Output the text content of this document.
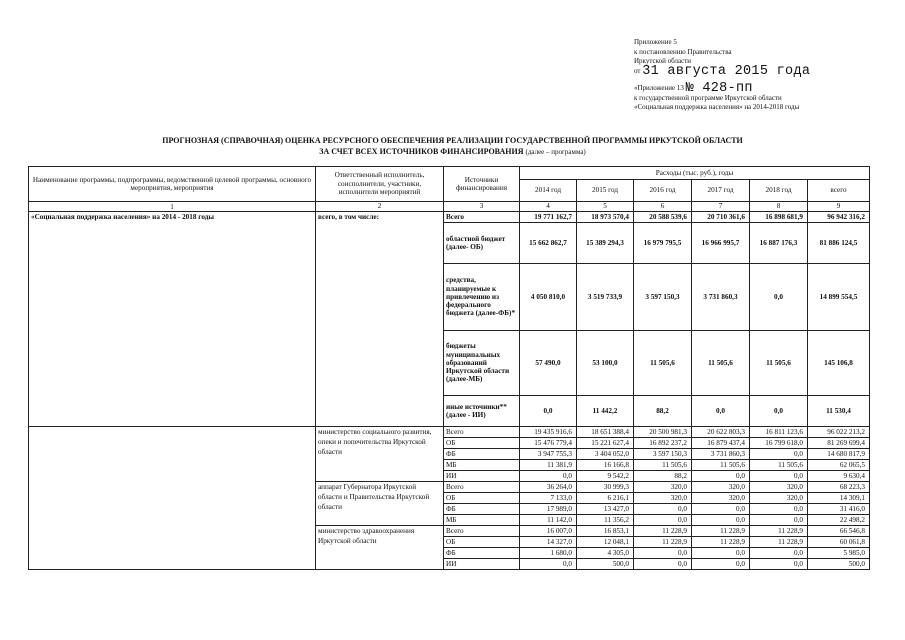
Приложение 5
к постановлению Правительства
Иркутской области
от 31 августа 2015 года
«Приложение 13 № 428-пп
к государственной программе Иркутской области
«Социальная поддержка населения» на 2014-2018 годы
ПРОГНОЗНАЯ (СПРАВОЧНАЯ) ОЦЕНКА РЕСУРСНОГО ОБЕСПЕЧЕНИЯ РЕАЛИЗАЦИИ ГОСУДАРСТВЕННОЙ ПРОГРАММЫ ИРКУТСКОЙ ОБЛАСТИ
ЗА СЧЕТ ВСЕХ ИСТОЧНИКОВ ФИНАНСИРОВАНИЯ (далее – программа)
Наименование программы, подпрограммы, ведомственной целевой программы, основного мероприятия, мероприятия	Ответственный исполнитель, соисполнители, участники, исполнители мероприятий	Источники финансирования	Расходы (тыс. руб.), годы					
			2014 год	2015 год	2016 год	2017 год	2018 год	всего
1	2	3	4	5	6	7	8	9
«Социальная поддержка населения» на 2014 - 2018 годы	всего, в том числе:	Всего	19 771 162,7	18 973 570,4	20 588 539,6	20 710 361,6	16 898 681,9	96 942 316,2
		областной бюджет (далее- ОБ)	15 662 862,7	15 389 294,3	16 979 795,5	16 966 995,7	16 887 176,3	81 886 124,5
		средства, планируемые к привлечению из федерального бюджета (далее-ФБ)*	4 050 810,0	3 519 733,9	3 597 150,3	3 731 860,3	0,0	14 899 554,5
		бюджеты муниципальных образований Иркутской области (далее-МБ)	57 490,0	53 100,0	11 505,6	11 505,6	11 505,6	145 106,8
		иные источники** (далее - ИИ)	0,0	11 442,2	88,2	0,0	0,0	11 530,4
	министерство социального развития, опеки и попечительства Иркутской области	Всего	19 435 916,6	18 651 388,4	20 500 981,3	20 622 803,3	16 811 123,6	96 022 213,2
		ОБ	15 476 779,4	15 221 627,4	16 892 237,2	16 879 437,4	16 799 618,0	81 269 699,4
		ФБ	3 947 755,3	3 404 052,0	3 597 150,3	3 731 860,3	0,0	14 680 817,9
		МБ	11 381,9	16 166,8	11 505,6	11 505,6	11 505,6	62 065,5
		ИИ	0,0	9 542,2	88,2	0,0	0,0	9 630,4
	аппарат Губернатора Иркутской области и Правительства Иркутской области	Всего	36 264,0	30 999,3	320,0	320,0	320,0	68 223,3
		ОБ	7 133,0	6 216,1	320,0	320,0	320,0	14 309,1
		ФБ	17 989,0	13 427,0	0,0	0,0	0,0	31 416,0
		МБ	11 142,0	11 356,2	0,0	0,0	0,0	22 498,2
	министерство здравоохранения Иркутской области	Всего	16 007,0	16 853,1	11 228,9	11 228,9	11 228,9	66 546,8
		ОБ	14 327,0	12 048,1	11 228,9	11 228,9	11 228,9	60 061,8
		ФБ	1 680,0	4 305,0	0,0	0,0	0,0	5 985,0
		ИИ	0,0	500,0	0,0	0,0	0,0	500,0
